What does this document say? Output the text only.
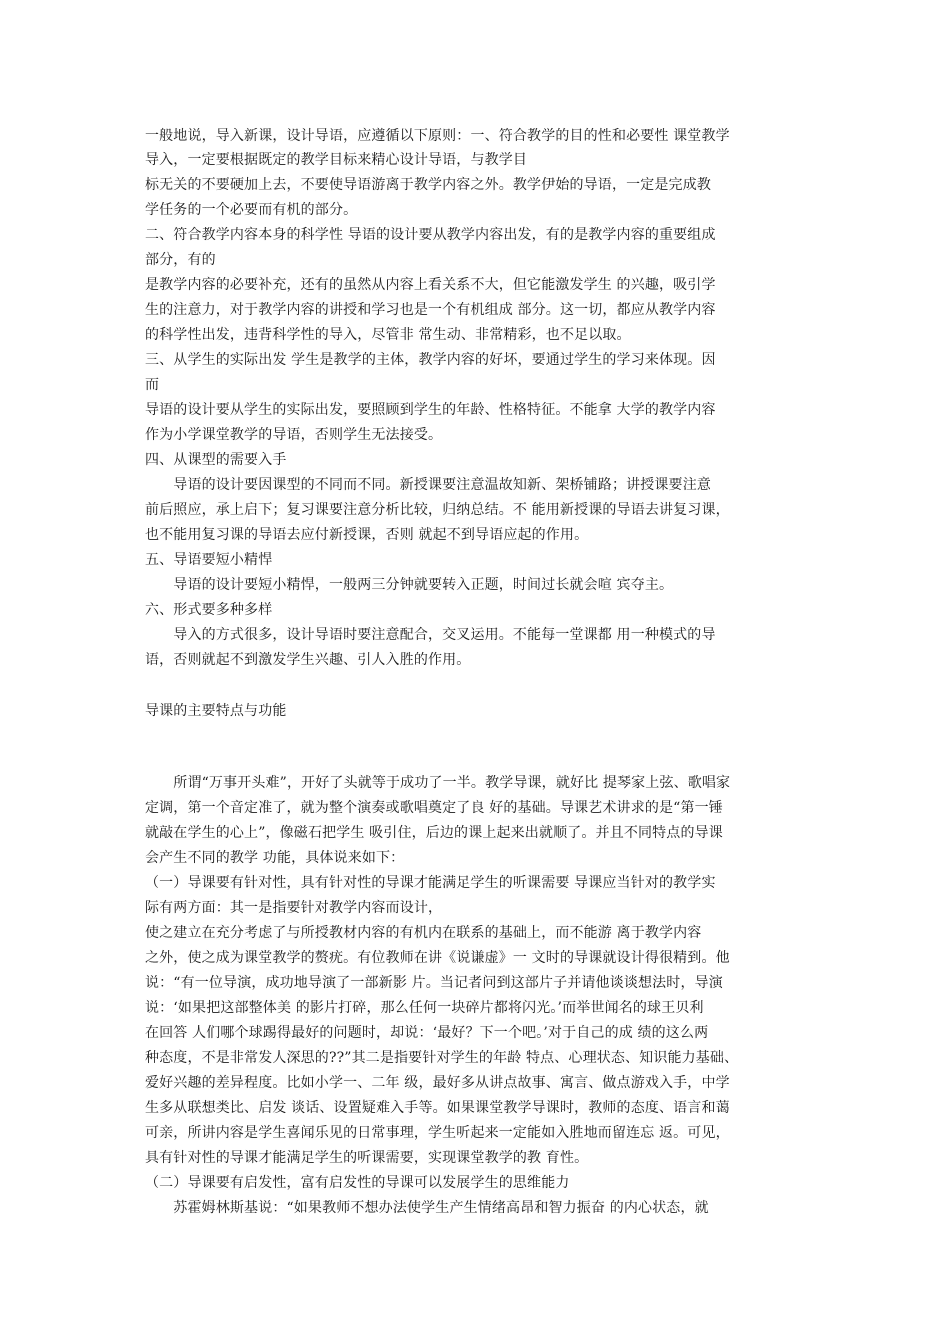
一般地说，导入新课，设计导语，应遵循以下原则：一、符合教学的目的性和必要性 课堂教学
导入，一定要根据既定的教学目标来精心设计导语，与教学目
标无关的不要硬加上去，不要使导语游离于教学内容之外。教学伊始的导语，一定是完成教
学任务的一个必要而有机的部分。
二、符合教学内容本身的科学性 导语的设计要从教学内容出发，有的是教学内容的重要组成
部分，有的
是教学内容的必要补充，还有的虽然从内容上看关系不大，但它能激发学生 的兴趣，吸引学
生的注意力，对于教学内容的讲授和学习也是一个有机组成 部分。这一切，都应从教学内容
的科学性出发，违背科学性的导入，尽管非 常生动、非常精彩，也不足以取。
三、从学生的实际出发 学生是教学的主体，教学内容的好坏，要通过学生的学习来体现。因
而
导语的设计要从学生的实际出发，要照顾到学生的年龄、性格特征。不能拿 大学的教学内容
作为小学课堂教学的导语，否则学生无法接受。
四、从课型的需要入手
　　导语的设计要因课型的不同而不同。新授课要注意温故知新、架桥铺路；讲授课要注意
前后照应，承上启下；复习课要注意分析比较，归纳总结。不 能用新授课的导语去讲复习课，
也不能用复习课的导语去应付新授课，否则 就起不到导语应起的作用。
五、导语要短小精悍
　　导语的设计要短小精悍，一般两三分钟就要转入正题，时间过长就会喧 宾夺主。
六、形式要多种多样
　　导入的方式很多，设计导语时要注意配合，交叉运用。不能每一堂课都 用一种模式的导
语，否则就起不到激发学生兴趣、引人入胜的作用。
导课的主要特点与功能
　　所谓“万事开头难”，开好了头就等于成功了一半。教学导课，就好比 提琴家上弦、歌唱家
定调，第一个音定准了，就为整个演奏或歌唱奠定了良 好的基础。导课艺术讲求的是“第一锤
就敲在学生的心上”，像磁石把学生 吸引住，后边的课上起来出就顺了。并且不同特点的导课
会产生不同的教学 功能，具体说来如下：
（一）导课要有针对性，具有针对性的导课才能满足学生的听课需要 导课应当针对的教学实
际有两方面：其一是指要针对教学内容而设计，
使之建立在充分考虑了与所授教材内容的有机内在联系的基础上，而不能游 离于教学内容
之外，使之成为课堂教学的赘疣。有位教师在讲《说谦虚》一 文时的导课就设计得很精到。他
说：“有一位导演，成功地导演了一部新影 片。当记者问到这部片子并请他谈谈想法时，导演
说：‘如果把这部整体美 的影片打碎，那么任何一块碎片都将闪光。’而举世闻名的球王贝利
在回答 人们哪个球踢得最好的问题时，却说：‘最好？下一个吧。’对于自己的成 绩的这么两
种态度，不是非常发人深思的??”其二是指要针对学生的年龄 特点、心理状态、知识能力基础、
爱好兴趣的差异程度。比如小学一、二年 级，最好多从讲点故事、寓言、做点游戏入手，中学
生多从联想类比、启发 谈话、设置疑难入手等。如果课堂教学导课时，教师的态度、语言和蔼
可亲，所讲内容是学生喜闻乐见的日常事理，学生听起来一定能如入胜地而留连忘 返。可见，
具有针对性的导课才能满足学生的听课需要，实现课堂教学的教 育性。
（二）导课要有启发性，富有启发性的导课可以发展学生的思维能力
　　苏霍姆林斯基说：“如果教师不想办法使学生产生情绪高昂和智力振奋 的内心状态，就
